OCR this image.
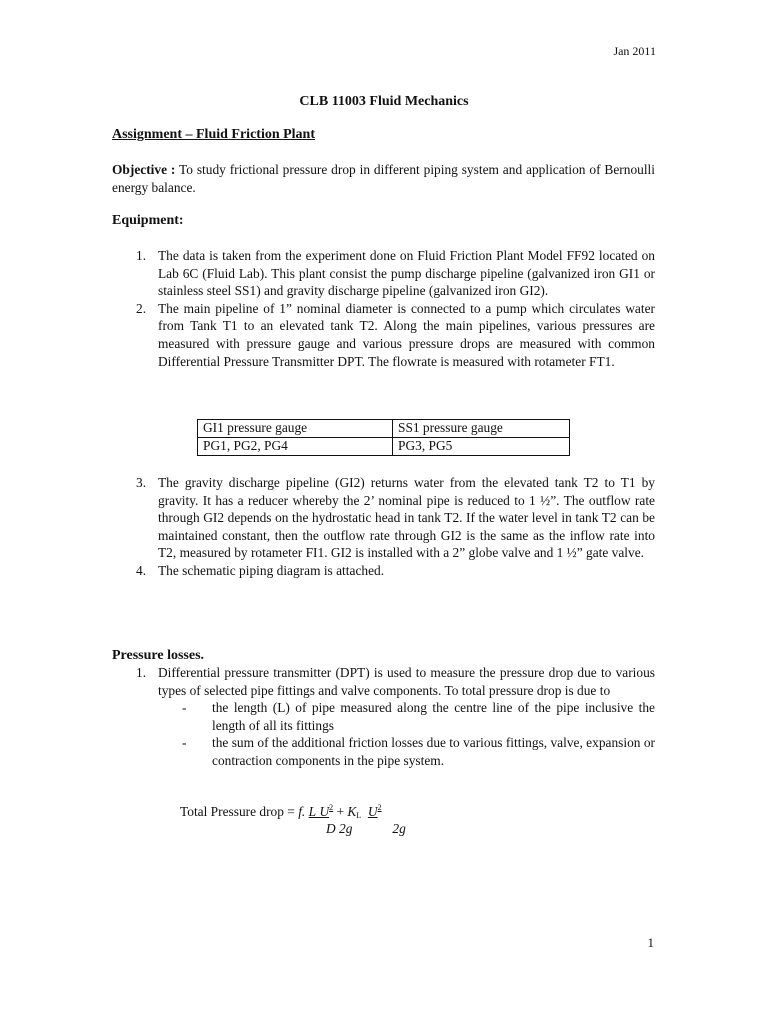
Jan 2011
CLB 11003 Fluid Mechanics
Assignment – Fluid Friction Plant
Objective : To study frictional pressure drop in different piping system and application of Bernoulli energy balance.
Equipment:
1. The data is taken from the experiment done on Fluid Friction Plant Model FF92 located on Lab 6C (Fluid Lab). This plant consist the pump discharge pipeline (galvanized iron GI1 or stainless steel SS1) and gravity discharge pipeline (galvanized iron GI2).
2. The main pipeline of 1” nominal diameter is connected to a pump which circulates water from Tank T1 to an elevated tank T2. Along the main pipelines, various pressures are measured with pressure gauge and various pressure drops are measured with common Differential Pressure Transmitter DPT. The flowrate is measured with rotameter FT1.
GI1 pressure gauge	SS1 pressure gauge
PG1, PG2, PG4	PG3, PG5
3. The gravity discharge pipeline (GI2) returns water from the elevated tank T2 to T1 by gravity. It has a reducer whereby the 2’ nominal pipe is reduced to 1 ½”. The outflow rate through GI2 depends on the hydrostatic head in tank T2. If the water level in tank T2 can be maintained constant, then the outflow rate through GI2 is the same as the inflow rate into T2, measured by rotameter FI1. GI2 is installed with a 2” globe valve and 1 ½” gate valve.
4. The schematic piping diagram is attached.
Pressure losses.
1. Differential pressure transmitter (DPT) is used to measure the pressure drop due to various types of selected pipe fittings and valve components. To total pressure drop is due to
- the length (L) of pipe measured along the centre line of the pipe inclusive the length of all its fittings
- the sum of the additional friction losses due to various fittings, valve, expansion or contraction components in the pipe system.
Total Pressure drop = f. L $U^2 + K_L$ $U^2$
D 2g	2g
1
